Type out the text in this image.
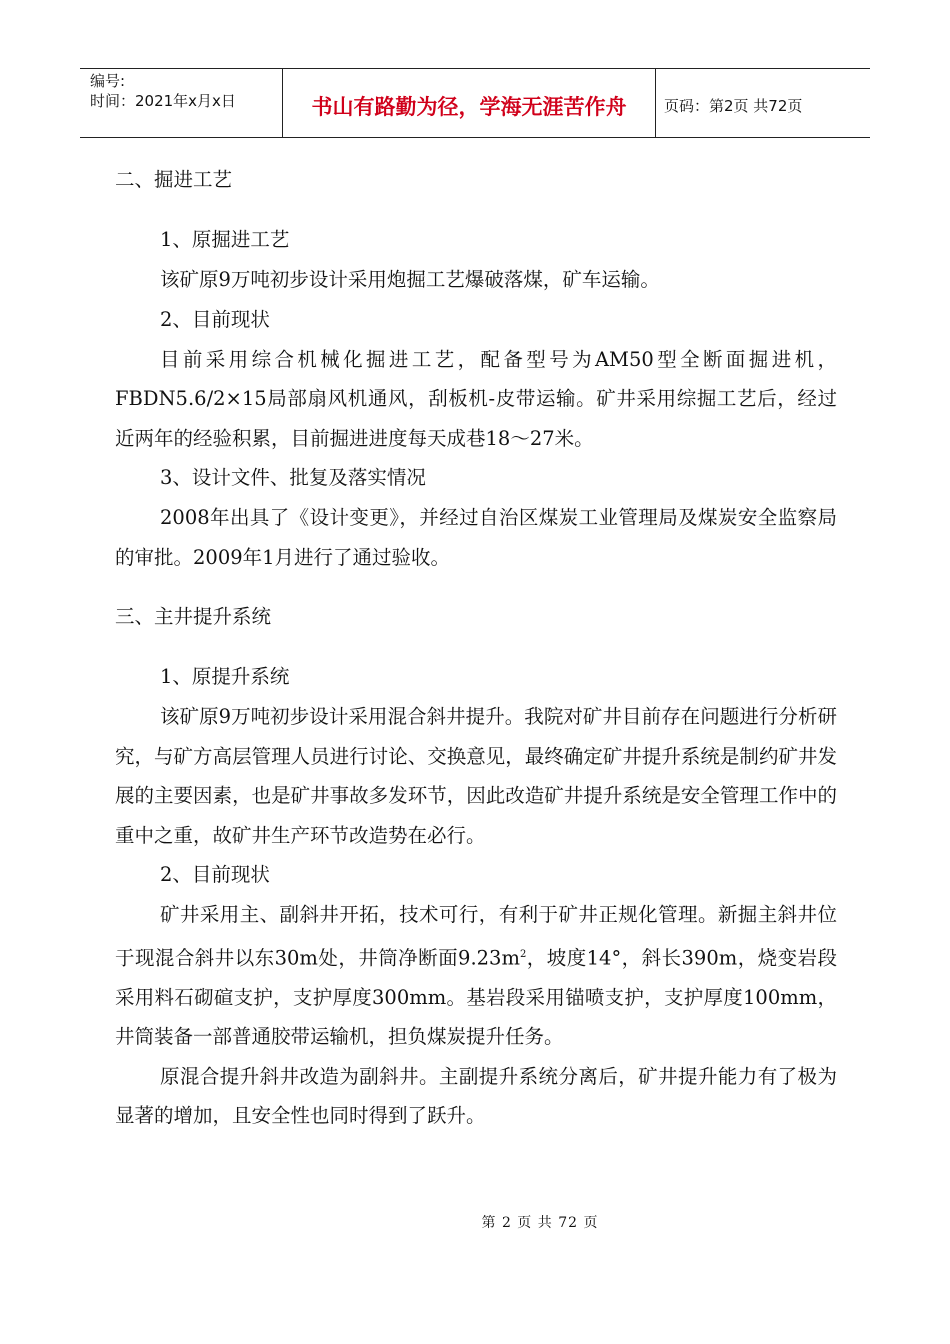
编号:
时间：2021年x月x日	书山有路勤为径，学海无涯苦作舟	页码：第2页 共72页

二、掘进工艺

1、原掘进工艺

该矿原9万吨初步设计采用炮掘工艺爆破落煤，矿车运输。

2、目前现状

目前采用综合机械化掘进工艺，配备型号为AM50型全断面掘进机，FBDN5.6/2×15局部扇风机通风，刮板机-皮带运输。矿井采用综掘工艺后，经过近两年的经验积累，目前掘进进度每天成巷18～27米。

3、设计文件、批复及落实情况

2008年出具了《设计变更》，并经过自治区煤炭工业管理局及煤炭安全监察局的审批。2009年1月进行了通过验收。

三、主井提升系统

1、原提升系统

该矿原9万吨初步设计采用混合斜井提升。我院对矿井目前存在问题进行分析研究，与矿方高层管理人员进行讨论、交换意见，最终确定矿井提升系统是制约矿井发展的主要因素，也是矿井事故多发环节，因此改造矿井提升系统是安全管理工作中的重中之重，故矿井生产环节改造势在必行。

2、目前现状

矿井采用主、副斜井开拓，技术可行，有利于矿井正规化管理。新掘主斜井位于现混合斜井以东30m处，井筒净断面$9.23m^2$，坡度14°，斜长390m，烧变岩段采用料石砌碹支护，支护厚度300mm。基岩段采用锚喷支护，支护厚度100mm，井筒装备一部普通胶带运输机，担负煤炭提升任务。

原混合提升斜井改造为副斜井。主副提升系统分离后，矿井提升能力有了极为显著的增加，且安全性也同时得到了跃升。

第 2 页 共 72 页
